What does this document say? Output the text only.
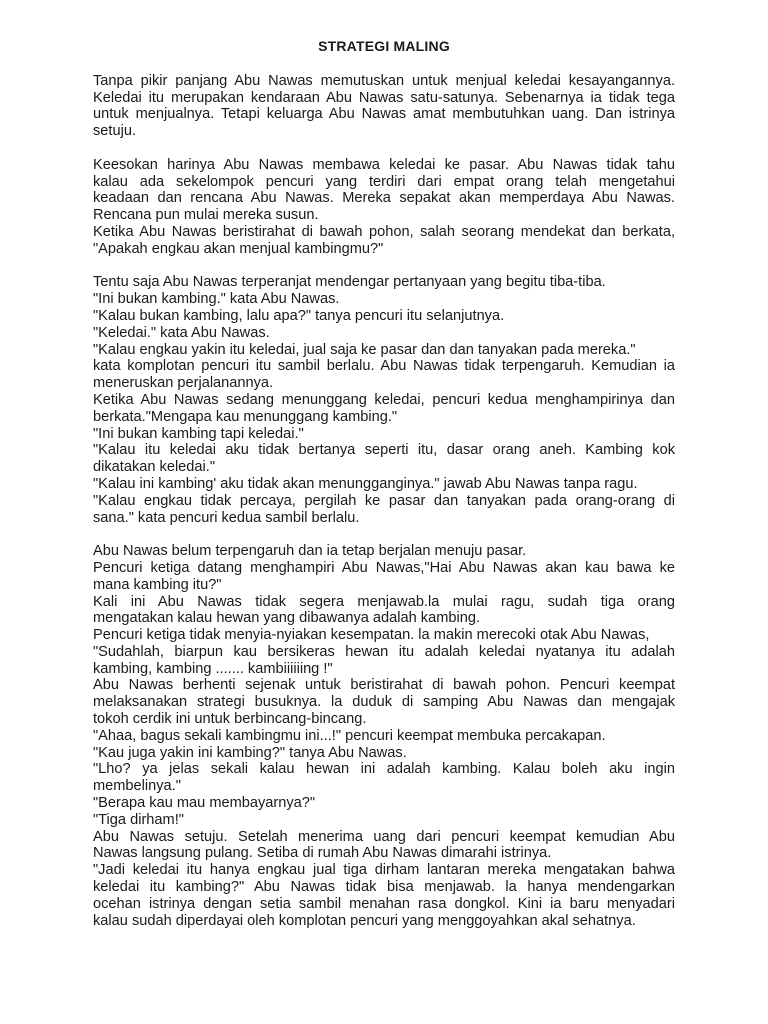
STRATEGI MALING
Tanpa pikir panjang Abu Nawas memutuskan untuk menjual keledai kesayangannya.
Keledai itu merupakan kendaraan Abu Nawas satu-satunya. Sebenarnya ia tidak tega
untuk menjualnya. Tetapi keluarga Abu Nawas amat membutuhkan uang. Dan istrinya
setuju.
Keesokan harinya Abu Nawas membawa keledai ke pasar. Abu Nawas tidak tahu
kalau ada sekelompok pencuri yang terdiri dari empat orang telah mengetahui
keadaan dan rencana Abu Nawas. Mereka sepakat akan memperdaya Abu Nawas.
Rencana pun mulai mereka susun.
Ketika Abu Nawas beristirahat di bawah pohon, salah seorang mendekat dan berkata,
"Apakah engkau akan menjual kambingmu?"
Tentu saja Abu Nawas terperanjat mendengar pertanyaan yang begitu tiba-tiba.
"Ini bukan kambing." kata Abu Nawas.
"Kalau bukan kambing, lalu apa?" tanya pencuri itu selanjutnya.
"Keledai." kata Abu Nawas.
"Kalau engkau yakin itu keledai, jual saja ke pasar dan dan tanyakan pada mereka."
kata komplotan pencuri itu sambil berlalu. Abu Nawas tidak terpengaruh. Kemudian ia
meneruskan perjalanannya.
Ketika Abu Nawas sedang menunggang keledai, pencuri kedua menghampirinya dan
berkata."Mengapa kau menunggang kambing."
"Ini bukan kambing tapi keledai."
"Kalau itu keledai aku tidak bertanya seperti itu, dasar orang aneh. Kambing kok
dikatakan keledai."
"Kalau ini kambing' aku tidak akan menungganginya." jawab Abu Nawas tanpa ragu.
"Kalau engkau tidak percaya, pergilah ke pasar dan tanyakan pada orang-orang di
sana." kata pencuri kedua sambil berlalu.
Abu Nawas belum terpengaruh dan ia tetap berjalan menuju pasar.
Pencuri ketiga datang menghampiri Abu Nawas,"Hai Abu Nawas akan kau bawa ke
mana kambing itu?"
Kali ini Abu Nawas tidak segera menjawab.la mulai ragu, sudah tiga orang
mengatakan kalau hewan yang dibawanya adalah kambing.
Pencuri ketiga tidak menyia-nyiakan kesempatan. la makin merecoki otak Abu Nawas,
"Sudahlah, biarpun kau bersikeras hewan itu adalah keledai nyatanya itu adalah
kambing, kambing ....... kambiiiiiing !"
Abu Nawas berhenti sejenak untuk beristirahat di bawah pohon. Pencuri keempat
melaksanakan strategi busuknya. la duduk di samping Abu Nawas dan mengajak
tokoh cerdik ini untuk berbincang-bincang.
"Ahaa, bagus sekali kambingmu ini...!" pencuri keempat membuka percakapan.
"Kau juga yakin ini kambing?" tanya Abu Nawas.
"Lho? ya jelas sekali kalau hewan ini adalah kambing. Kalau boleh aku ingin
membelinya."
"Berapa kau mau membayarnya?"
"Tiga dirham!"
Abu Nawas setuju. Setelah menerima uang dari pencuri keempat kemudian Abu
Nawas langsung pulang. Setiba di rumah Abu Nawas dimarahi istrinya.
"Jadi keledai itu hanya engkau jual tiga dirham lantaran mereka mengatakan bahwa
keledai itu kambing?" Abu Nawas tidak bisa menjawab. la hanya mendengarkan
ocehan istrinya dengan setia sambil menahan rasa dongkol. Kini ia baru menyadari
kalau sudah diperdayai oleh komplotan pencuri yang menggoyahkan akal sehatnya.
